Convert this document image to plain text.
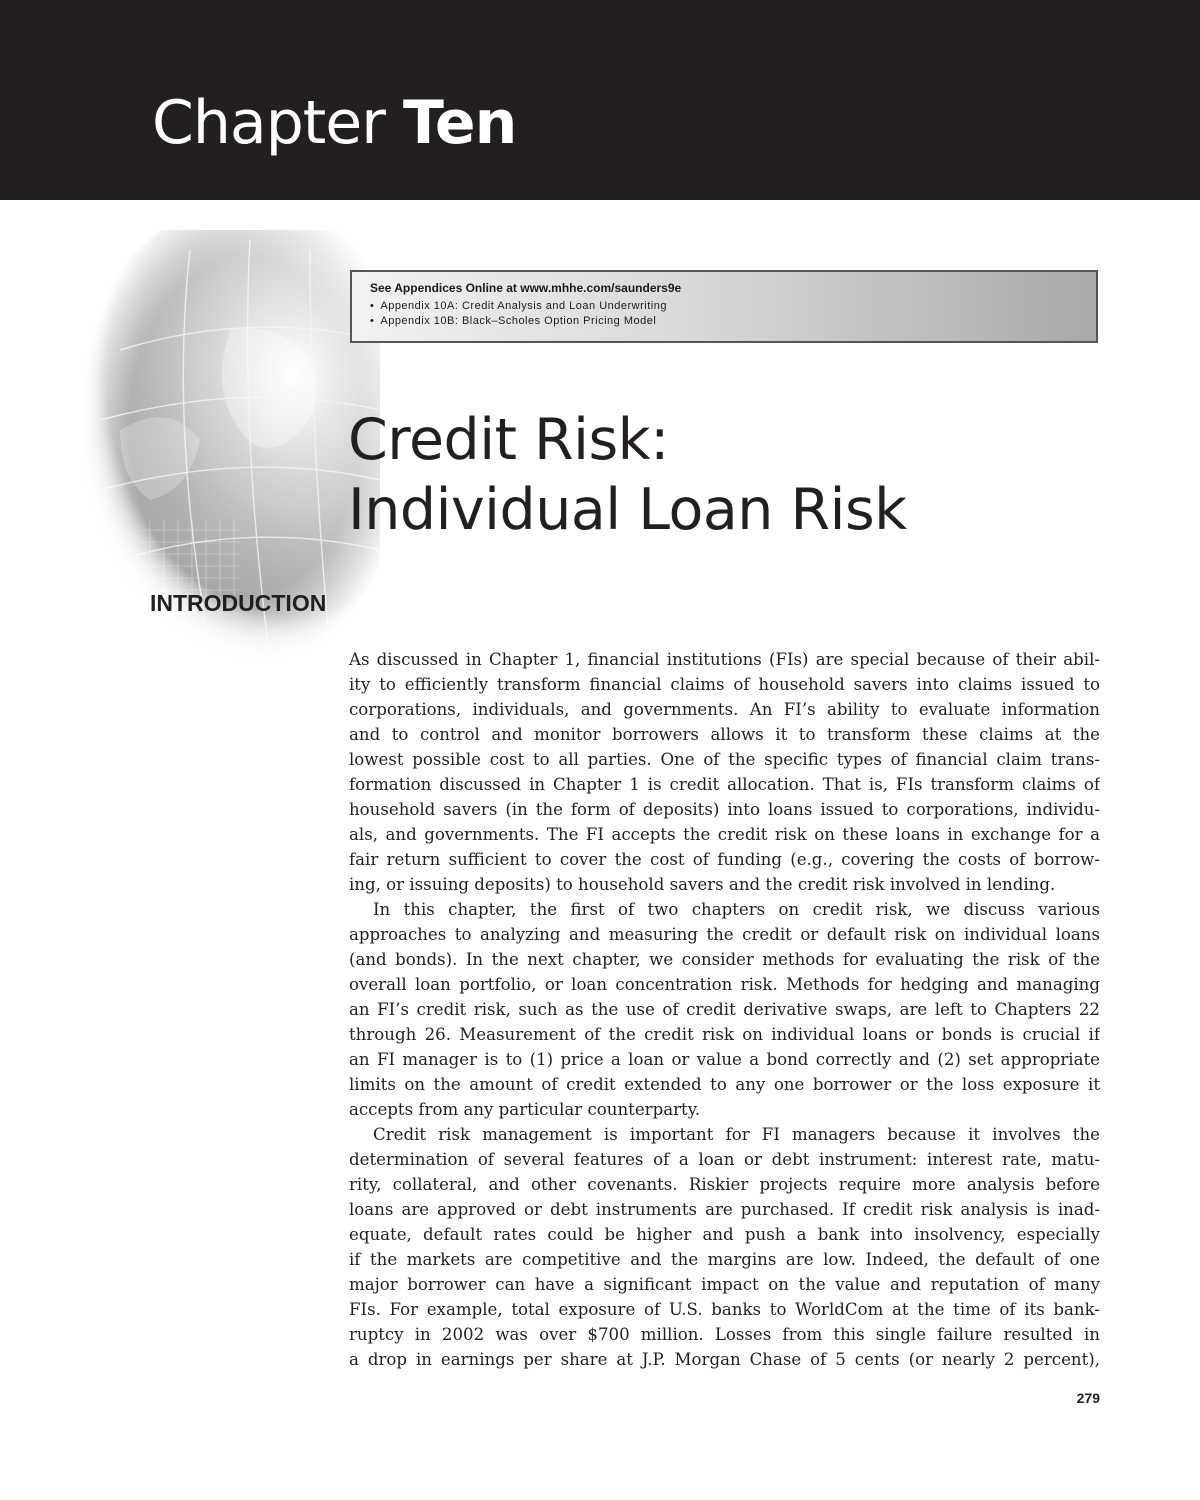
Chapter Ten

See Appendices Online at www.mhhe.com/saunders9e

• Appendix 10A: Credit Analysis and Loan Underwriting
• Appendix 10B: Black–Scholes Option Pricing Model
Credit Risk:
Individual Loan Risk
INTRODUCTION
As discussed in Chapter 1, financial institutions (FIs) are special because of their abil-
ity to efficiently transform financial claims of household savers into claims issued to
corporations, individuals, and governments. An FI’s ability to evaluate information
and to control and monitor borrowers allows it to transform these claims at the
lowest possible cost to all parties. One of the specific types of financial claim trans-
formation discussed in Chapter 1 is credit allocation. That is, FIs transform claims of
household savers (in the form of deposits) into loans issued to corporations, individu-
als, and governments. The FI accepts the credit risk on these loans in exchange for a
fair return sufficient to cover the cost of funding (e.g., covering the costs of borrow-
ing, or issuing deposits) to household savers and the credit risk involved in lending.
In this chapter, the first of two chapters on credit risk, we discuss various
approaches to analyzing and measuring the credit or default risk on individual loans
(and bonds). In the next chapter, we consider methods for evaluating the risk of the
overall loan portfolio, or loan concentration risk. Methods for hedging and managing
an FI’s credit risk, such as the use of credit derivative swaps, are left to Chapters 22
through 26. Measurement of the credit risk on individual loans or bonds is crucial if
an FI manager is to (1) price a loan or value a bond correctly and (2) set appropriate
limits on the amount of credit extended to any one borrower or the loss exposure it
accepts from any particular counterparty.
Credit risk management is important for FI managers because it involves the
determination of several features of a loan or debt instrument: interest rate, matu-
rity, collateral, and other covenants. Riskier projects require more analysis before
loans are approved or debt instruments are purchased. If credit risk analysis is inad-
equate, default rates could be higher and push a bank into insolvency, especially
if the markets are competitive and the margins are low. Indeed, the default of one
major borrower can have a significant impact on the value and reputation of many
FIs. For example, total exposure of U.S. banks to WorldCom at the time of its bank-
ruptcy in 2002 was over $700 million. Losses from this single failure resulted in
a drop in earnings per share at J.P. Morgan Chase of 5 cents (or nearly 2 percent),
279
